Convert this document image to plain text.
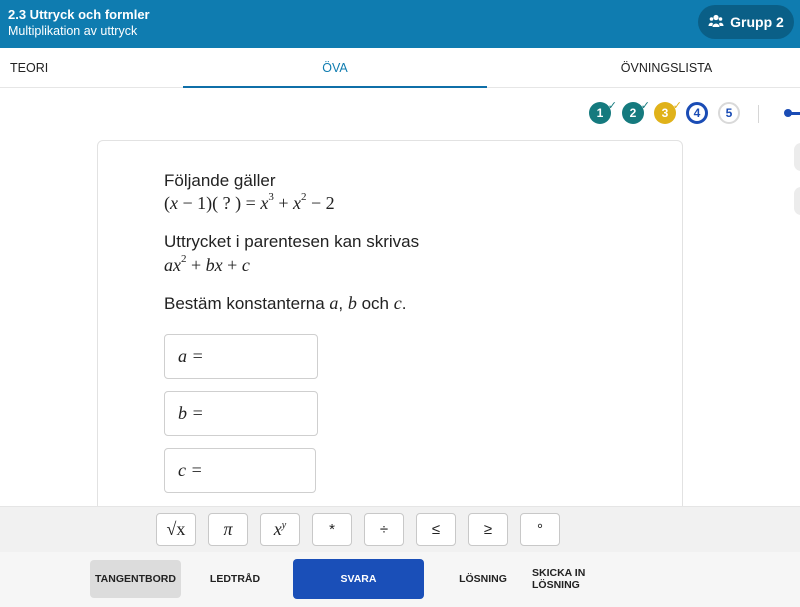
2.3 Uttryck och formler
Multiplikation av uttryck
Grupp 2
TEORI	ÖVA	ÖVNINGSLISTA
1 ✓	2 ✓ 3 ✓ 4	5
Följande gäller
(x − 1)( ? ) = $x^3 + x^2 - 2$
Uttrycket i parentesen kan skrivas
$ax^2$ + bx + c
Bestäm konstanterna a, b och c.
a =
b =
c =
√x π $x^y$	*	÷	≤	≥	°
TANGENTBORD	LEDTRÅD	SVARA	LÖSNING	SKICKA IN LÖSNING
